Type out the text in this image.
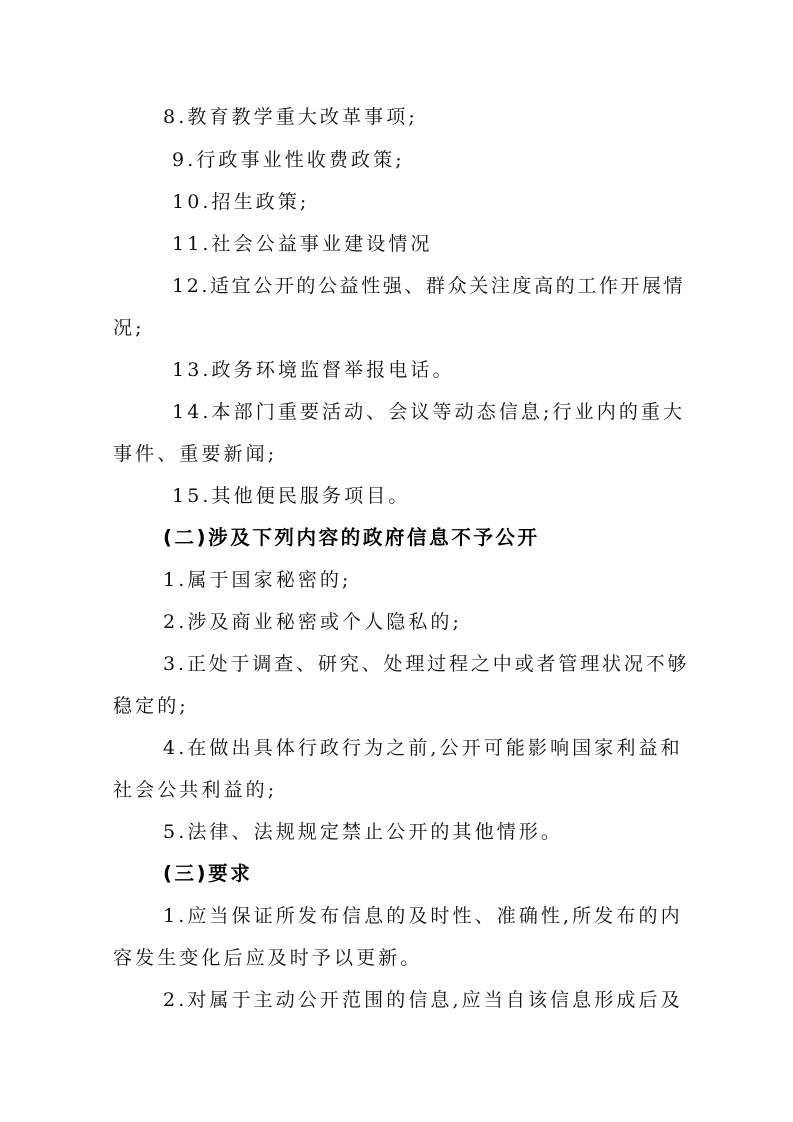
8.教育教学重大改革事项;
9.行政事业性收费政策;
10.招生政策;
11.社会公益事业建设情况
12.适宜公开的公益性强、群众关注度高的工作开展情
况;
13.政务环境监督举报电话。
14.本部门重要活动、会议等动态信息;行业内的重大
事件、重要新闻;
15.其他便民服务项目。
(二)涉及下列内容的政府信息不予公开
1.属于国家秘密的;
2.涉及商业秘密或个人隐私的;
3.正处于调查、研究、处理过程之中或者管理状况不够
稳定的;
4.在做出具体行政行为之前,公开可能影响国家利益和
社会公共利益的;
5.法律、法规规定禁止公开的其他情形。
(三)要求
1.应当保证所发布信息的及时性、准确性,所发布的内
容发生变化后应及时予以更新。
2.对属于主动公开范围的信息,应当自该信息形成后及
